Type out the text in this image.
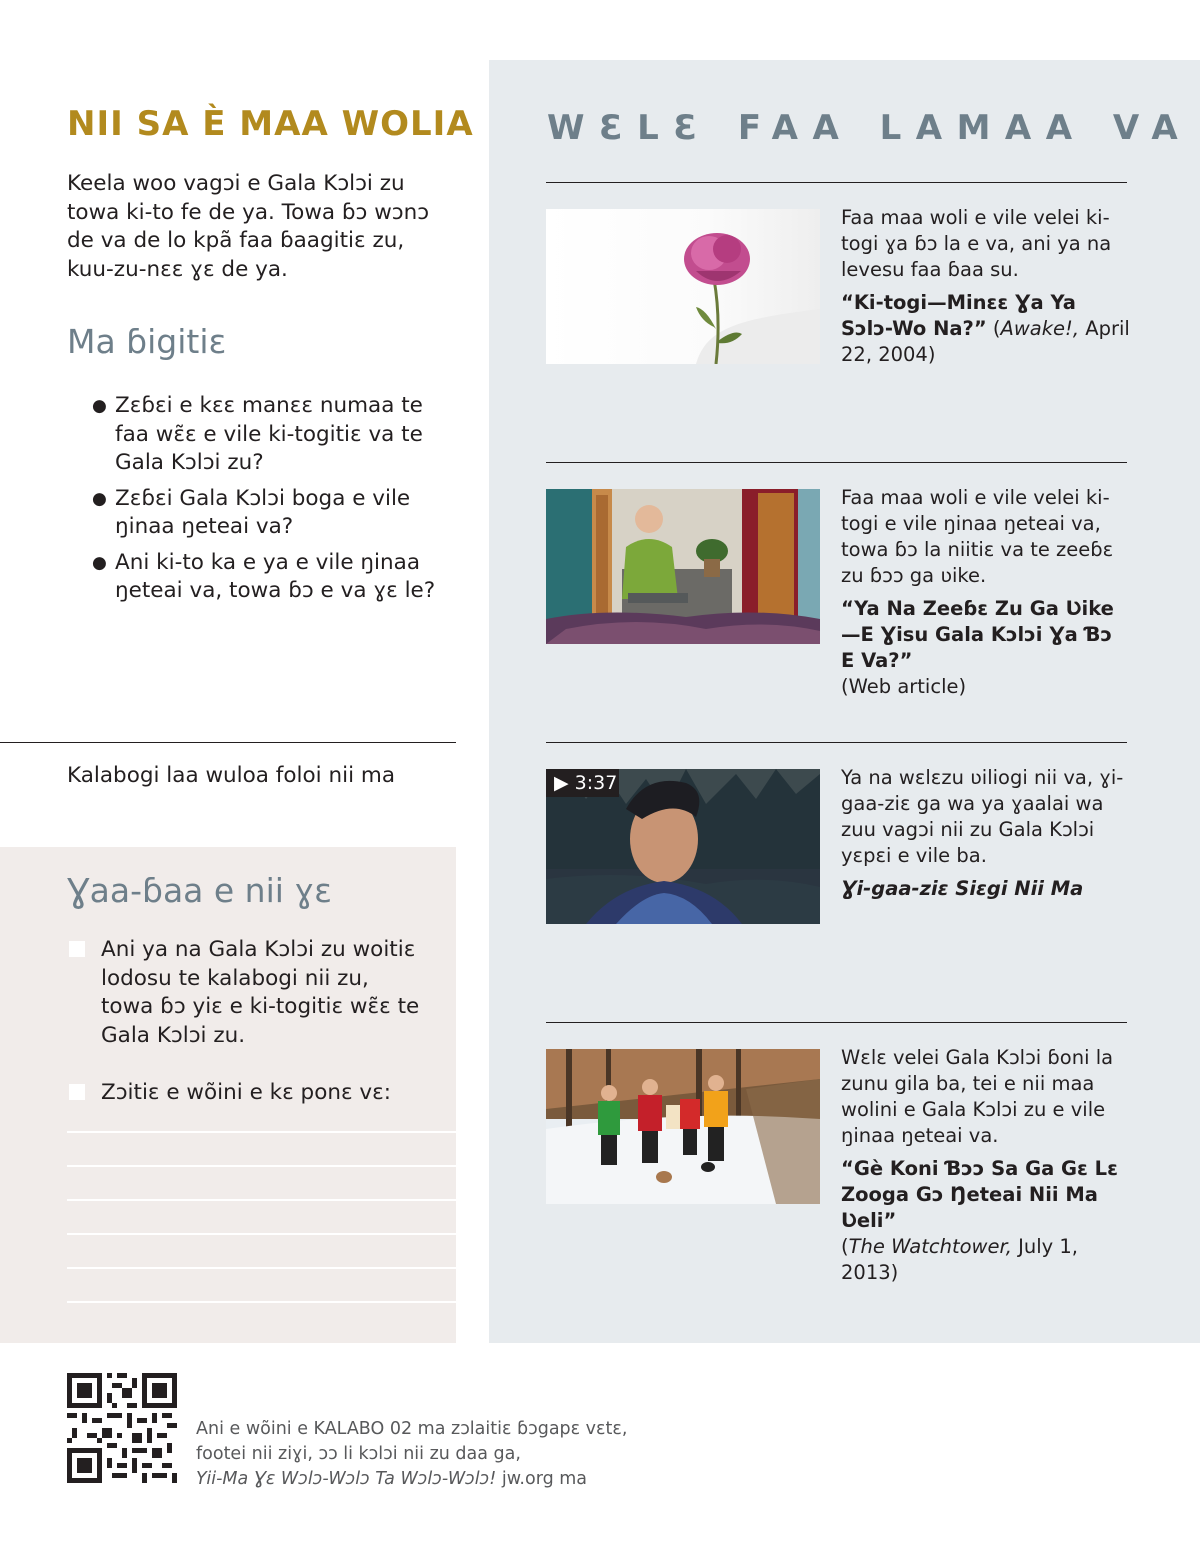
NII SA È MAA WOLIA

Keela woo vagɔi e Gala Kɔlɔi zu towa ki-to fe de ya. Towa ɓɔ wɔnɔ de va de lo kpã faa ɓaagitiɛ zu, kuu-zu-nɛɛ ɣɛ de ya.

Ma ɓigitiɛ
● Zɛɓɛi e kɛɛ manɛɛ numaa te faa wɛ̃ɛ e vile ki-togitiɛ va te Gala Kɔlɔi zu?
● Zɛɓɛi Gala Kɔlɔi boga e vile ŋinaa ŋeteai va?
● Ani ki-to ka e ya e vile ŋinaa ŋeteai va, towa ɓɔ e va ɣɛ le?
Kalabogi laa wuloa foloi nii ma
Ɣaa-ɓaa e nii ɣɛ
Ani ya na Gala Kɔlɔi zu woitiɛ lodosu te kalabogi nii zu, towa ɓɔ yiɛ e ki-togitiɛ wɛ̃ɛ te Gala Kɔlɔi zu.
Zɔitiɛ e wõini e kɛ ponɛ vɛ:
WƐLƐ FAA LAMAA VA
Faa maa woli e vile velei ki-togi ɣa ɓɔ la e va, ani ya na levesu faa ɓaa su.
“Ki-togi—Minɛɛ Ɣa Ya Sɔlɔ-Wo Na?” (Awake!, April 22, 2004)
Faa maa woli e vile velei ki-togi e vile ŋinaa ŋeteai va, towa ɓɔ la niitiɛ va te zeeɓɛ zu ɓɔɔ ga ʋike.
“Ya Na Zeeɓɛ Zu Ga Ʋike—E Ɣisu Gala Kɔlɔi Ɣa Ɓɔ E Va?”
(Web article)
▶ 3:37	Ya na wɛlɛzu ʋiliogi nii va, ɣi-gaa-ziɛ ga wa ya ɣaalai wa zuu vagɔi nii zu Gala Kɔlɔi yɛpɛi e vile ba.
Ɣi-gaa-ziɛ Siɛgi Nii Ma
Wɛlɛ velei Gala Kɔlɔi ɓoni la zunu gila ba, tei e nii maa wolini e Gala Kɔlɔi zu e vile ŋinaa ŋeteai va.
“Gè Koni Ɓɔɔ Sa Ga Gɛ Lɛ Zooga Gɔ Ŋeteai Nii Ma Ʋeli”
(The Watchtower, July 1, 2013)
Ani e wõini e KALABO 02 ma zɔlaitiɛ ɓɔgapɛ vɛtɛ,
footei nii ziɣi, ɔɔ li kɔlɔi nii zu daa ga,
Yii-Ma Ɣɛ Wɔlɔ-Wɔlɔ Ta Wɔlɔ-Wɔlɔ! jw.org ma
